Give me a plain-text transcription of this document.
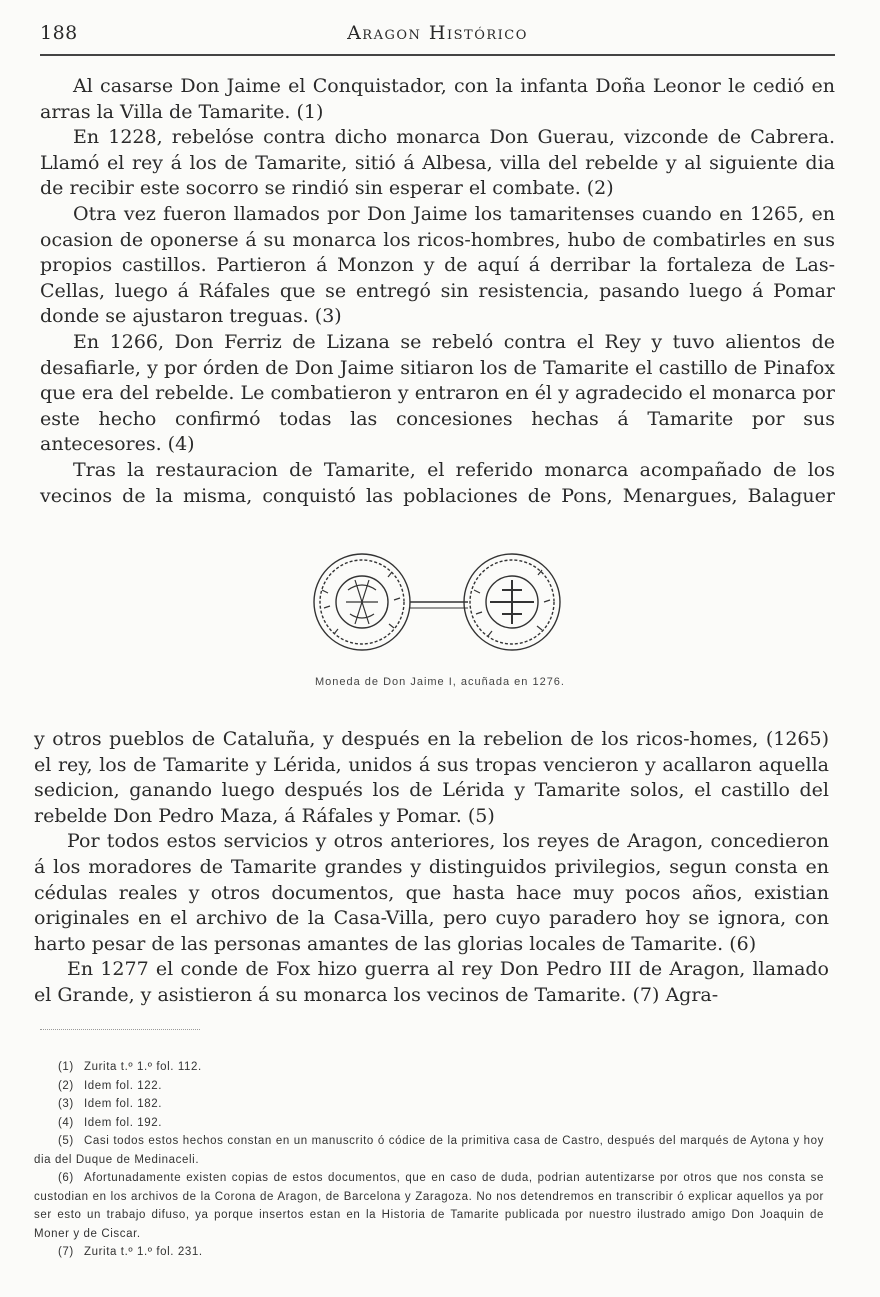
188	Aragon Histórico

Al casarse Don Jaime el Conquistador, con la infanta Doña Leonor le cedió en arras la Villa de Tamarite. (1)

En 1228, rebelóse contra dicho monarca Don Guerau, vizconde de Cabrera. Llamó el rey á los de Tamarite, sitió á Albesa, villa del rebelde y al siguiente dia de recibir este socorro se rindió sin esperar el combate. (2)

Otra vez fueron llamados por Don Jaime los tamaritenses cuando en 1265, en ocasion de oponerse á su monarca los ricos-hombres, hubo de combatirles en sus propios castillos. Partieron á Monzon y de aquí á derribar la fortaleza de Las-Cellas, luego á Ráfales que se entregó sin resistencia, pasando luego á Pomar donde se ajustaron treguas. (3)

En 1266, Don Ferriz de Lizana se rebeló contra el Rey y tuvo alientos de desafiarle, y por órden de Don Jaime sitiaron los de Tamarite el castillo de Pinafox que era del rebelde. Le combatieron y entraron en él y agradecido el monarca por este hecho confirmó todas las concesiones hechas á Tamarite por sus antecesores. (4)

Tras la restauracion de Tamarite, el referido monarca acompañado de los vecinos de la misma, conquistó las poblaciones de Pons, Menargues, Balaguer

Moneda de Don Jaime I, acuñada en 1276.

y otros pueblos de Cataluña, y después en la rebelion de los ricos-homes, (1265) el rey, los de Tamarite y Lérida, unidos á sus tropas vencieron y acallaron aquella sedicion, ganando luego después los de Lérida y Tamarite solos, el castillo del rebelde Don Pedro Maza, á Ráfales y Pomar. (5)

Por todos estos servicios y otros anteriores, los reyes de Aragon, concedieron á los moradores de Tamarite grandes y distinguidos privilegios, segun consta en cédulas reales y otros documentos, que hasta hace muy pocos años, existian originales en el archivo de la Casa-Villa, pero cuyo paradero hoy se ignora, con harto pesar de las personas amantes de las glorias locales de Tamarite. (6)

En 1277 el conde de Fox hizo guerra al rey Don Pedro III de Aragon, llamado el Grande, y asistieron á su monarca los vecinos de Tamarite. (7) Agra-

(1) Zurita t.º 1.º fol. 112.

(2) Idem fol. 122.

(3) Idem fol. 182.

(4) Idem fol. 192.

(5) Casi todos estos hechos constan en un manuscrito ó códice de la primitiva casa de Castro, después del marqués de Aytona y hoy dia del Duque de Medinaceli.

(6) Afortunadamente existen copias de estos documentos, que en caso de duda, podrian autentizarse por otros que nos consta se custodian en los archivos de la Corona de Aragon, de Barcelona y Zaragoza. No nos detendremos en transcribir ó explicar aquellos ya por ser esto un trabajo difuso, ya porque insertos estan en la Historia de Tamarite publicada por nuestro ilustrado amigo Don Joaquin de Moner y de Ciscar.

(7) Zurita t.º 1.º fol. 231.
